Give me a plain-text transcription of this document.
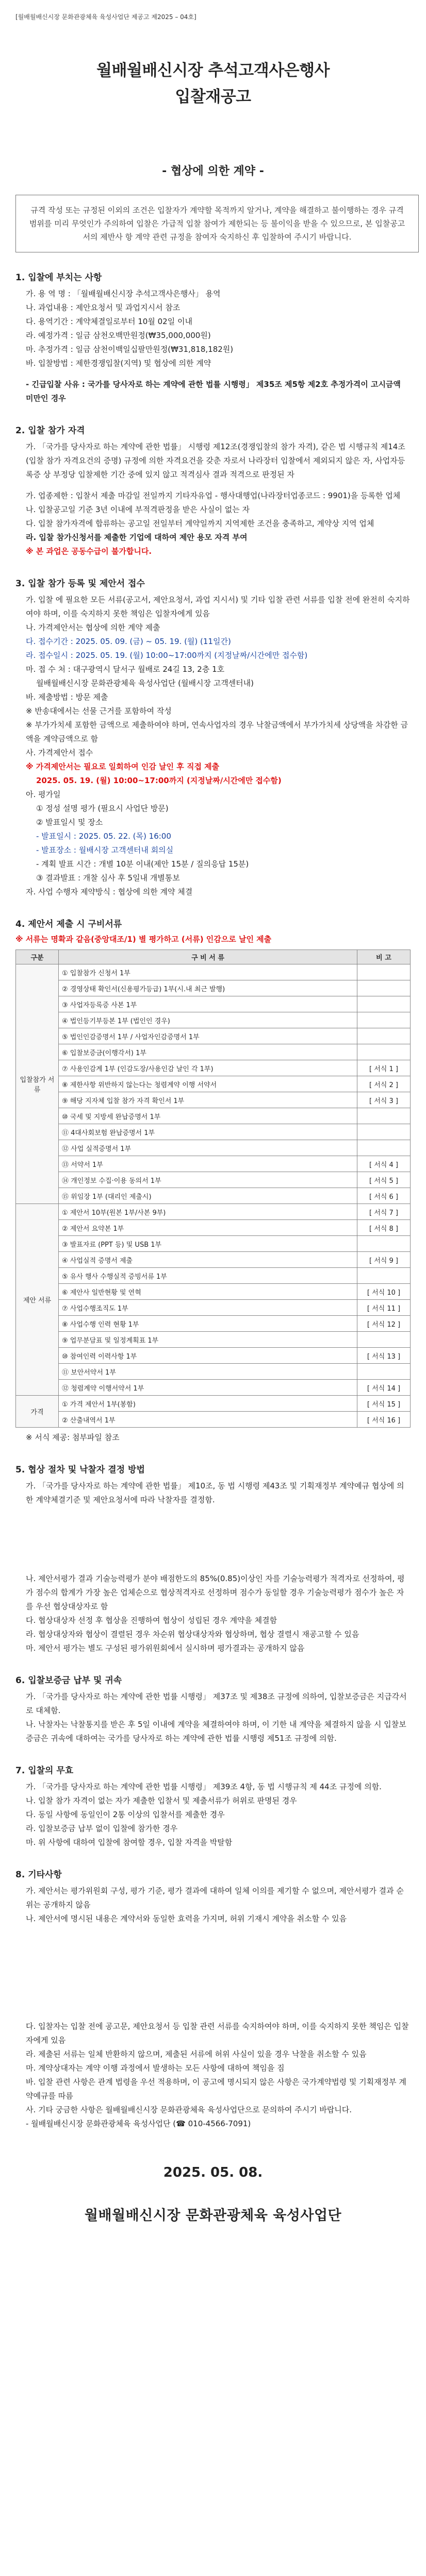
[월배월배신시장 문화관광체육 육성사업단 제공고 제2025 – 04호]
월배월배신시장 추석고객사은행사
입찰재공고
- 협상에 의한 계약 -
규격 작성 또는 규정된 이외의 조건은 입찰자가 계약할 목적까지 알거나, 계약을 해결하고 불이행하는 경우 규격 범위를 미리 무엇인가 주의하여 입찰은 가급적 입찰 참여가 제한되는 등 불이익을 받을 수 있으므로, 본 입찰공고서의 제반사 항 계약 관련 규정을 참여자 숙지하신 후 입찰하여 주시기 바랍니다.
1. 입찰에 부치는 사항

가. 용 역 명 : 「월배월배신시장 추석고객사은행사」 용역

나. 과업내용 : 제안요청서 및 과업지시서 참조

다. 용역기간 : 계약체결일로부터 10월 02일 이내

라. 예정가격 : 일금 삼천오백만원정(₩35,000,000원)

마. 추정가격 : 일금 삼천이백일십팔만원정(₩31,818,182원)

바. 입찰방법 : 제한경쟁입찰(지역) 및 협상에 의한 계약

- 긴급입찰 사유 : 국가를 당사자로 하는 계약에 관한 법률 시행령」 제35조 제5항 제2호 추정가격이 고시금액 미만인 경우

2. 입찰 참가 자격

가. 「국가를 당사자로 하는 계약에 관한 법률」 시행령 제12조(경쟁입찰의 참가 자격), 같은 법 시행규칙 제14조(입찰 참가 자격요건의 증명) 규정에 의한 자격요건을 갖춘 자로서 나라장터 입찰에서 제외되지 않은 자, 사업자등록증 상 부정당 입찰제한 기간 중에 있지 않고 적격심사 결과 적격으로 판정된 자

가. 업종제한 : 입찰서 제출 마감일 전일까지 기타자유업 - 행사대행업(나라장터업종코드 : 9901)을 등록한 업체

나. 입찰공고일 기준 3년 이내에 부적격판정을 받은 사실이 없는 자

다. 입찰 참가자격에 합류하는 공고일 전일부터 계약일까지 지역제한 조건을 충족하고, 계약상 지역 업체

라. 입찰 참가신청서를 제출한 기업에 대하여 제안 용모 자격 부여

※ 본 과업은 공동수급이 불가합니다.

3. 입찰 참가 등록 및 제안서 접수

가. 입찰 에 필요한 모든 서류(공고서, 제안요청서, 과업 지시서) 및 기타 입찰 관련 서류를 입찰 전에 완전히 숙지하여야 하며, 이를 숙지하지 못한 책임은 입찰자에게 있음

나. 가격제안서는 협상에 의한 계약 제출

다. 접수기간 : 2025. 05. 09. (금) ~ 05. 19. (월) (11일간)

라. 접수일시 : 2025. 05. 19. (월) 10:00~17:00까지 (지정날짜/시간에만 접수함)

마. 접 수 처 : 대구광역시 달서구 월배로 24길 13, 2층 1호

월배월배신시장 문화관광체육 육성사업단 (월배시장 고객센터내)

바. 제출방법 : 방문 제출

※ 반송대에서는 선물 근거를 포함하여 작성

※ 부가가치세 포함한 금액으로 제출하여야 하며, 연속사업자의 경우 낙찰금액에서 부가가치세 상당액을 차감한 금액을 계약금액으로 함

사. 가격제안서 접수

※ 가격제안서는 필요로 일회하여 인감 날인 후 직접 제출

2025. 05. 19. (월) 10:00~17:00까지 (지정날짜/시간에만 접수함)

아. 평가일

① 정성 설명 평가 (필요시 사업단 방문)

② 발표일시 및 장소

- 발표일시 : 2025. 05. 22. (목) 16:00

- 발표장소 : 월배시장 고객센터내 회의실

- 계획 발표 시간 : 개별 10분 이내(제안 15분 / 질의응답 15분)

③ 결과발표 : 개찰 심사 후 5일내 개별통보

자. 사업 수행자 제약방식 : 협상에 의한 계약 체결

4. 제안서 제출 시 구비서류
※ 서류는 명확과 같음(중앙대조/1) 별 평가하고 (서류) 인감으로 날인 제출
구분	구 비 서 류	비 고
입찰참가 서류	① 입찰참가 신청서 1부	
	② 경영상태 확인서(신용평가등급) 1부(시.내 최근 발행)	
	③ 사업자등록증 사본 1부	
	④ 법인등기부등본 1부 (법인인 경우)	
	⑤ 법인인감증명서 1부 / 사업자인감증명서 1부	
	⑥ 입찰보증금(이행각서) 1부	
	⑦ 사용인감계 1부 (인감도장/사용인감 날인 각 1부)	[ 서식 1 ]
	⑧ 제한사항 위반하지 않는다는 청렴계약 이행 서약서	[ 서식 2 ]
	⑨ 해당 지자체 입찰 참가 자격 확인서 1부	[ 서식 3 ]
	⑩ 국세 및 지방세 완납증명서 1부	
	⑪ 4대사회보험 완납증명서 1부	
	⑫ 사업 실적증명서 1부	
	⑬ 서약서 1부	[ 서식 4 ]
	⑭ 개인정보 수집·이용 동의서 1부	[ 서식 5 ]
	⑮ 위임장 1부 (대리인 제출시)	[ 서식 6 ]
제안 서류	① 제안서 10부(원본 1부/사본 9부)	[ 서식 7 ]
	② 제안서 요약본 1부	[ 서식 8 ]
	③ 발표자료 (PPT 등) 및 USB 1부	
	④ 사업실적 증명서 제출	[ 서식 9 ]
	⑤ 유사 행사 수행실적 증빙서류 1부	
	⑥ 제안사 일반현황 및 연혁	[ 서식 10 ]
	⑦ 사업수행조직도 1부	[ 서식 11 ]
	⑧ 사업수행 인력 현황 1부	[ 서식 12 ]
	⑨ 업무분담표 및 일정계획표 1부	
	⑩ 참여인력 이력사항 1부	[ 서식 13 ]
	⑪ 보안서약서 1부	
	⑫ 청렴계약 이행서약서 1부	[ 서식 14 ]
가격	① 가격 제안서 1부(봉함)	[ 서식 15 ]
	② 산출내역서 1부	[ 서식 16 ]

※ 서식 제공: 첨부파일 참조

5. 협상 절차 및 낙찰자 결정 방법

가. 「국가를 당사자로 하는 계약에 관한 법률」 제10조, 동 법 시행령 제43조 및 기획재정부 계약예규 협상에 의한 계약체결기준 및 제안요청서에 따라 낙찰자를 결정함.

나. 제안서평가 결과 기술능력평가 분야 배점한도의 85%(0.85)이상인 자를 기술능력평가 적격자로 선정하여, 평가 점수의 합계가 가장 높은 업체순으로 협상적격자로 선정하며 점수가 동일할 경우 기술능력평가 점수가 높은 자를 우선 협상대상자로 함

다. 협상대상자 선정 후 협상을 진행하여 협상이 성립된 경우 계약을 체결함

라. 협상대상자와 협상이 결렬된 경우 차순위 협상대상자와 협상하며, 협상 결렬시 재공고할 수 있음

마. 제안서 평가는 별도 구성된 평가위원회에서 실시하며 평가결과는 공개하지 않음

6. 입찰보증금 납부 및 귀속

가. 「국가를 당사자로 하는 계약에 관한 법률 시행령」 제37조 및 제38조 규정에 의하여, 입찰보증금은 지급각서로 대체함.

나. 낙찰자는 낙찰통지를 받은 후 5일 이내에 계약을 체결하여야 하며, 이 기한 내 계약을 체결하지 않을 시 입찰보증금은 귀속에 대하여는 국가를 당사자로 하는 계약에 관한 법률 시행령 제51조 규정에 의함.

7. 입찰의 무효

가. 「국가를 당사자로 하는 계약에 관한 법률 시행령」 제39조 4항, 동 법 시행규칙 제 44조 규정에 의함.

나. 입찰 참가 자격이 없는 자가 제출한 입찰서 및 제출서류가 허위로 판명된 경우

다. 동일 사항에 동일인이 2통 이상의 입찰서를 제출한 경우

라. 입찰보증금 납부 없이 입찰에 참가한 경우

마. 위 사항에 대하여 입찰에 참여할 경우, 입찰 자격을 박탈함

8. 기타사항

가. 제안서는 평가위원회 구성, 평가 기준, 평가 결과에 대하여 일체 이의를 제기할 수 없으며, 제안서평가 결과 순위는 공개하지 않음

나. 제안서에 명시된 내용은 계약서와 동일한 효력을 가지며, 허위 기재시 계약을 취소할 수 있음

다. 입찰자는 입찰 전에 공고문, 제안요청서 등 입찰 관련 서류를 숙지하여야 하며, 이를 숙지하지 못한 책임은 입찰자에게 있음

라. 제출된 서류는 일체 반환하지 않으며, 제출된 서류에 허위 사실이 있을 경우 낙찰을 취소할 수 있음

마. 계약상대자는 계약 이행 과정에서 발생하는 모든 사항에 대하여 책임을 짐

바. 입찰 관련 사항은 관계 법령을 우선 적용하며, 이 공고에 명시되지 않은 사항은 국가계약법령 및 기획재정부 계약예규를 따름

사. 기타 궁금한 사항은 월배월배신시장 문화관광체육 육성사업단으로 문의하여 주시기 바랍니다.

- 월배월배신시장 문화관광체육 육성사업단 (☎ 010-4566-7091)

2025. 05. 08.
월배월배신시장 문화관광체육 육성사업단
